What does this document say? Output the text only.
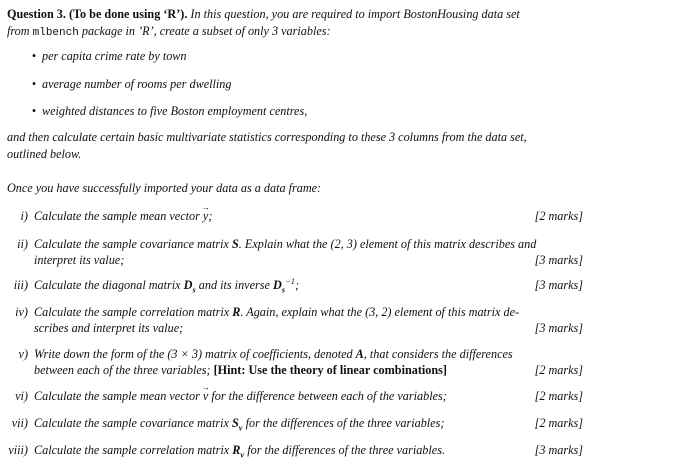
Question 3. (To be done using ‘R’). In this question, you are required to import BostonHousing data set
from mlbench package in ’R’, create a subset of only 3 variables:
• per capita crime rate by town
• average number of rooms per dwelling
• weighted distances to five Boston employment centres,
and then calculate certain basic multivariate statistics corresponding to these 3 columns from the data set,
outlined below.
Once you have successfully imported your data as a data frame:
i) Calculate the sample mean vector → y;	[2 marks]
ii) Calculate the sample covariance matrix S. Explain what the (2, 3) element of this matrix describes and
interpret its value;	[3 marks]
iii) Calculate the diagonal matrix $D_s$ and its inverse $D_s^{-1}$;	[3 marks]
iv) Calculate the sample correlation matrix R. Again, explain what the (3, 2) element of this matrix de-
scribes and interpret its value;	[3 marks]
v) Write down the form of the (3 × 3) matrix of coefficients, denoted A, that considers the differences
between each of the three variables; [Hint: Use the theory of linear combinations]	[2 marks]
vi) Calculate the sample mean vector → v for the difference between each of the variables;	[2 marks]
vii) Calculate the sample covariance matrix $S_v$ for the differences of the three variables;	[2 marks]
viii) Calculate the sample correlation matrix $R_v$ for the differences of the three variables.	[3 marks]
